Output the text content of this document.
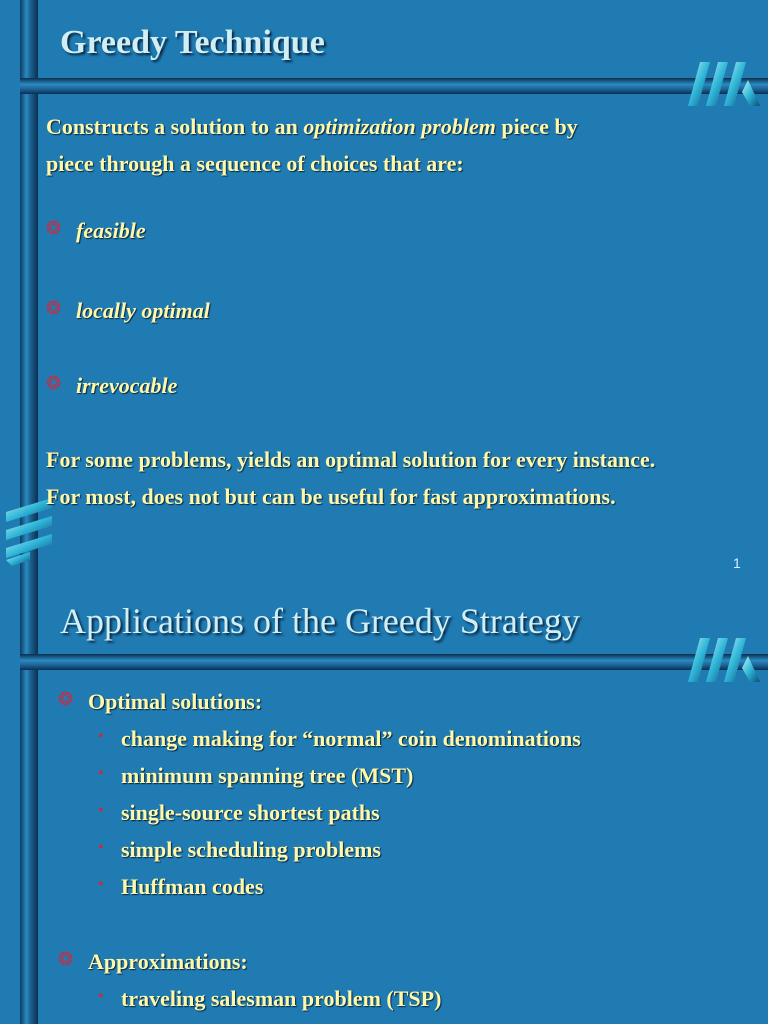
Greedy Technique
Constructs a solution to an optimization problem piece by
piece through a sequence of choices that are:
❂ feasible
❂ locally optimal
❂ irrevocable
For some problems, yields an optimal solution for every instance.
For most, does not but can be useful for fast approximations.
1
Applications of the Greedy Strategy
❂ Optimal solutions:
• change making for “normal” coin denominations
• minimum spanning tree (MST)
• single-source shortest paths
• simple scheduling problems
• Huffman codes
❂ Approximations:
• traveling salesman problem (TSP)
